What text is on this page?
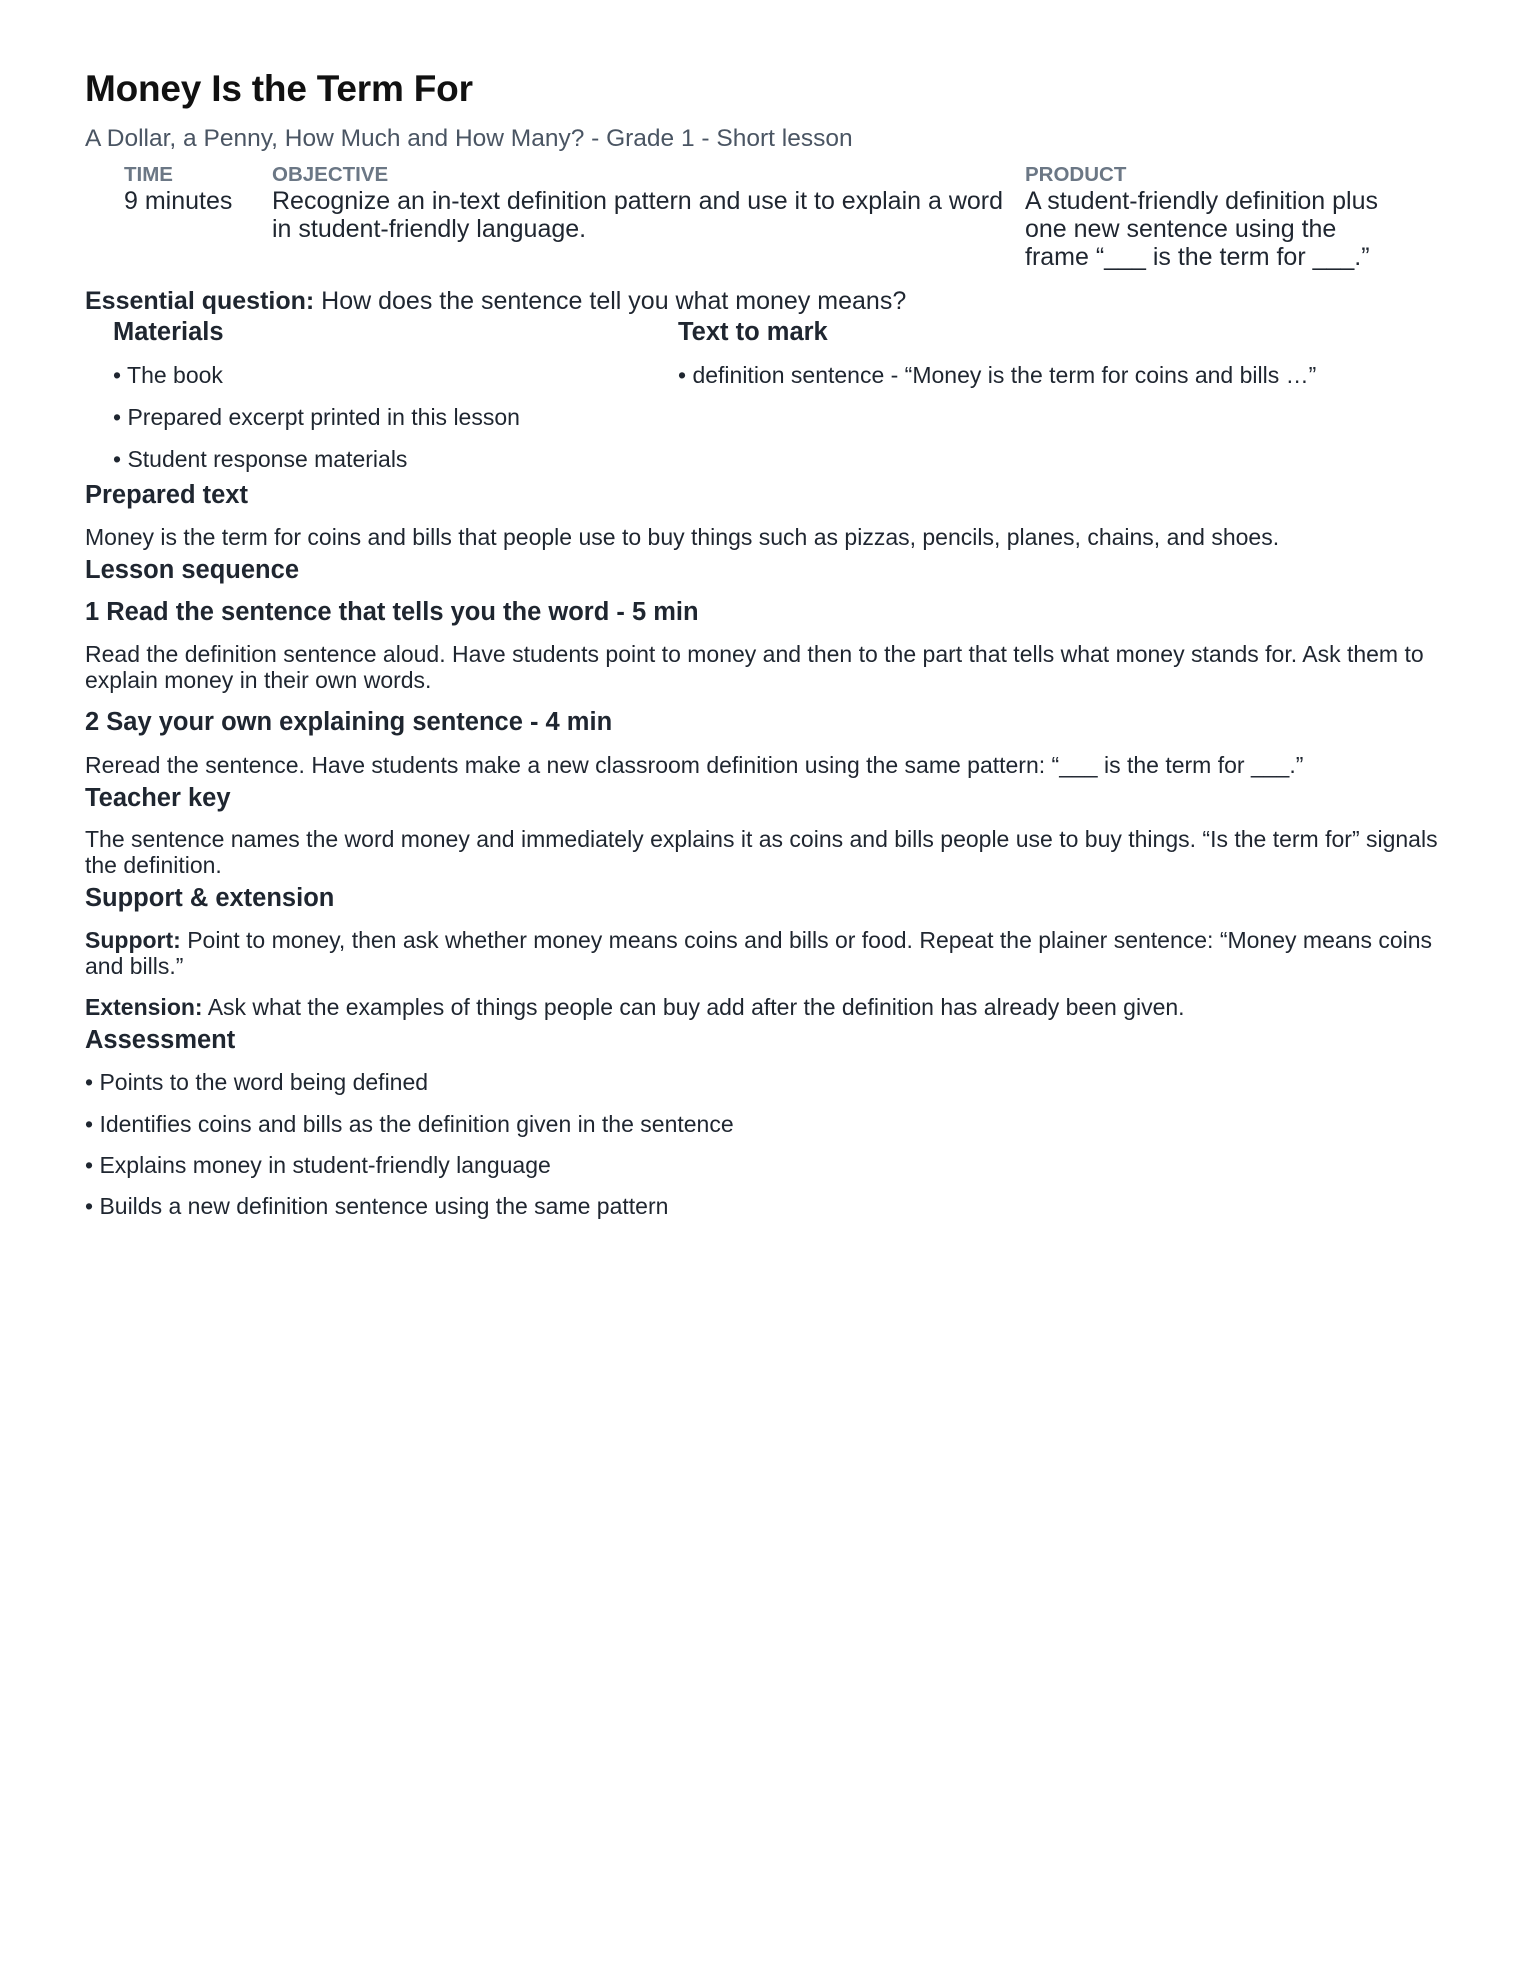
Money Is the Term For
A Dollar, a Penny, How Much and How Many? - Grade 1 - Short lesson
TIME
9 minutes
OBJECTIVE
Recognize an in-text definition pattern and use it to explain a word in student-friendly language.
PRODUCT
A student-friendly definition plus one new sentence using the frame “___ is the term for ___.”
Essential question: How does the sentence tell you what money means?
Materials
• The book
• Prepared excerpt printed in this lesson
• Student response materials
Text to mark
• definition sentence - “Money is the term for coins and bills …”
Prepared text
Money is the term for coins and bills that people use to buy things such as pizzas, pencils, planes, chains, and shoes.
Lesson sequence
1 Read the sentence that tells you the word - 5 min
Read the definition sentence aloud. Have students point to money and then to the part that tells what money stands for. Ask them to explain money in their own words.
2 Say your own explaining sentence - 4 min
Reread the sentence. Have students make a new classroom definition using the same pattern: “___ is the term for ___.”
Teacher key
The sentence names the word money and immediately explains it as coins and bills people use to buy things. “Is the term for” signals the definition.
Support & extension
Support: Point to money, then ask whether money means coins and bills or food. Repeat the plainer sentence: “Money means coins and bills.”
Extension: Ask what the examples of things people can buy add after the definition has already been given.
Assessment
• Points to the word being defined
• Identifies coins and bills as the definition given in the sentence
• Explains money in student-friendly language
• Builds a new definition sentence using the same pattern
